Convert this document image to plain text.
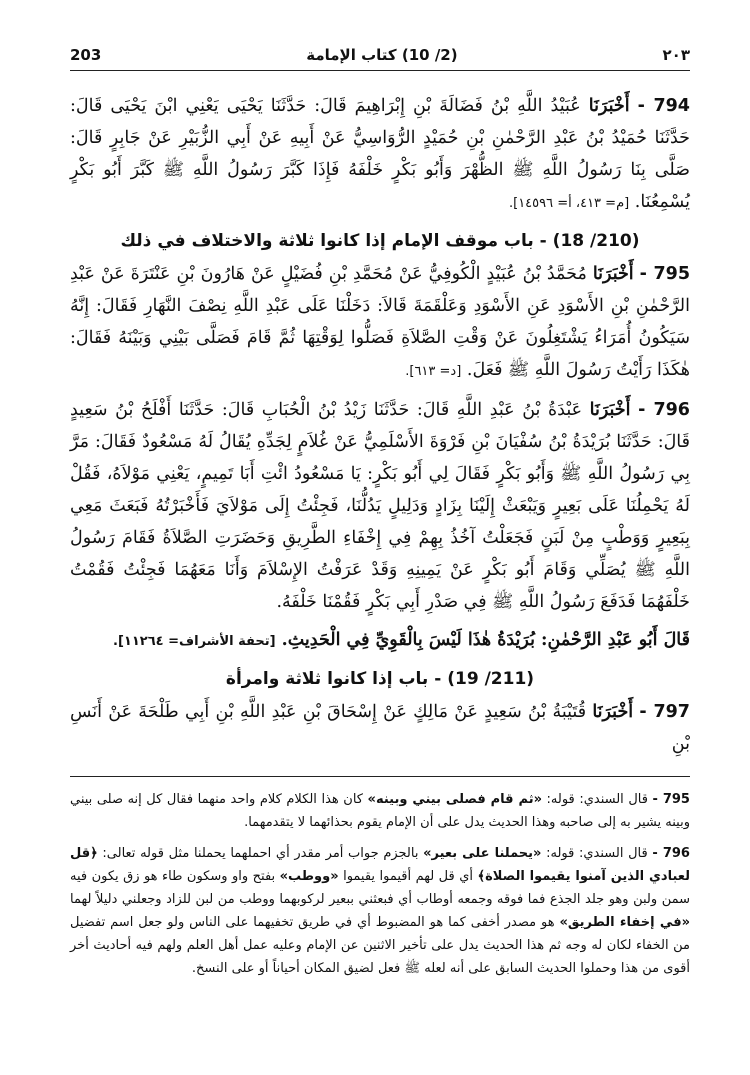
203	(2/ 10) كتاب الإمامة	٢٠٣

794 - أَخْبَرَنَا عُبَيْدُ اللَّهِ بْنُ فَضَالَةَ بْنِ إِبْرَاهِيمَ قَالَ: حَدَّثَنَا يَحْيَى يَعْنِي ابْنَ يَحْيَى قَالَ: حَدَّثَنَا حُمَيْدُ بْنُ عَبْدِ الرَّحْمٰنِ بْنِ حُمَيْدٍ الرُّوَاسِيُّ عَنْ أَبِيهِ عَنْ أَبِي الزُّبَيْرِ عَنْ جَابِرٍ قَالَ: صَلَّى بِنَا رَسُولُ اللَّهِ ﷺ الظُّهْرَ وَأَبُو بَكْرٍ خَلْفَهُ فَإِذَا كَبَّرَ رَسُولُ اللَّهِ ﷺ كَبَّرَ أَبُو بَكْرٍ يُسْمِعُنَا. [م= ٤١٣، أ= ١٤٥٩٦].

(210/ 18) - باب موقف الإمام إذا كانوا ثلاثة والاختلاف في ذلك

795 - أَخْبَرَنَا مُحَمَّدُ بْنُ عُبَيْدٍ الْكُوفِيُّ عَنْ مُحَمَّدِ بْنِ فُضَيْلٍ عَنْ هَارُونَ بْنِ عَنْتَرَةَ عَنْ عَبْدِ الرَّحْمٰنِ بْنِ الأَسْوَدِ عَنِ الأَسْوَدِ وَعَلْقَمَةَ قَالاَ: دَخَلْنَا عَلَى عَبْدِ اللَّهِ نِصْفَ النَّهَارِ فَقَالَ: إِنَّهُ سَيَكُونُ أُمَرَاءُ يَشْتَغِلُونَ عَنْ وَقْتِ الصَّلاَةِ فَصَلُّوا لِوَقْتِهَا ثُمَّ قَامَ فَصَلَّى بَيْنِي وَبَيْنَهُ فَقَالَ: هٰكَذَا رَأَيْتُ رَسُولَ اللَّهِ ﷺ فَعَلَ. [د= ٦١٣].

796 - أَخْبَرَنَا عَبْدَةُ بْنُ عَبْدِ اللَّهِ قَالَ: حَدَّثَنَا زَيْدُ بْنُ الْحُبَابِ قَالَ: حَدَّثَنَا أَفْلَحُ بْنُ سَعِيدٍ قَالَ: حَدَّثَنَا بُرَيْدَةُ بْنُ سُفْيَانَ بْنِ فَرْوَةَ الأَسْلَمِيُّ عَنْ غُلاَمٍ لِجَدِّهِ يُقَالُ لَهُ مَسْعُودٌ فَقَالَ: مَرَّ بِي رَسُولُ اللَّهِ ﷺ وَأَبُو بَكْرٍ فَقَالَ لِي أَبُو بَكْرٍ: يَا مَسْعُودُ ائْتِ أَبَا تَمِيمٍ، يَعْنِي مَوْلاَهُ، فَقُلْ لَهُ يَحْمِلُنَا عَلَى بَعِيرٍ وَيَبْعَثْ إِلَيْنَا بِزَادٍ وَدَلِيلٍ يَدُلُّنَا، فَجِئْتُ إِلَى مَوْلاَيَ فَأَخْبَرْتُهُ فَبَعَثَ مَعِي بِبَعِيرٍ وَوَطْبٍ مِنْ لَبَنٍ فَجَعَلْتُ آخُذُ بِهِمْ فِي إِخْفَاءِ الطَّرِيقِ وَحَضَرَتِ الصَّلاَةُ فَقَامَ رَسُولُ اللَّهِ ﷺ يُصَلِّي وَقَامَ أَبُو بَكْرٍ عَنْ يَمِينِهِ وَقَدْ عَرَفْتُ الإِسْلاَمَ وَأَنَا مَعَهُمَا فَجِئْتُ فَقُمْتُ خَلْفَهُمَا فَدَفَعَ رَسُولُ اللَّهِ ﷺ فِي صَدْرِ أَبِي بَكْرٍ فَقُمْنَا خَلْفَهُ.

قَالَ أَبُو عَبْدِ الرَّحْمٰنِ: بُرَيْدَةُ هٰذَا لَيْسَ بِالْقَوِيِّ فِي الْحَدِيثِ. [تحفة الأشراف= ١١٢٦٤].

(211/ 19) - باب إذا كانوا ثلاثة وامرأة

797 - أَخْبَرَنَا قُتَيْبَةُ بْنُ سَعِيدٍ عَنْ مَالِكٍ عَنْ إِسْحَاقَ بْنِ عَبْدِ اللَّهِ بْنِ أَبِي طَلْحَةَ عَنْ أَنَسِ بْنِ

795 - قال السندي: قوله: «ثم قام فصلى بيني وبينه» كان هذا الكلام كلام واحد منهما فقال كل إنه صلى بيني وبينه يشير به إلى صاحبه وهذا الحديث يدل على أن الإمام يقوم بحذائهما لا يتقدمهما.

796 - قال السندي: قوله: «يحملنا على بعير» بالجزم جواب أمر مقدر أي احملهما يحملنا مثل قوله تعالى: ﴿قل لعبادي الذين آمنوا يقيموا الصلاة﴾ أي قل لهم أقيموا يقيموا «ووطب» بفتح واو وسكون طاء هو زق يكون فيه سمن ولبن وهو جلد الجذع فما فوقه وجمعه أوطاب أي فبعثني ببعير لركوبهما ووطب من لبن للزاد وجعلني دليلاً لهما «في إخفاء الطريق» هو مصدر أخفى كما هو المضبوط أي في طريق تخفيهما على الناس ولو جعل اسم تفضيل من الخفاء لكان له وجه ثم هذا الحديث يدل على تأخير الاثنين عن الإمام وعليه عمل أهل العلم ولهم فيه أحاديث أخر أقوى من هذا وحملوا الحديث السابق على أنه لعله ﷺ فعل لضيق المكان أحياناً أو على النسخ.
